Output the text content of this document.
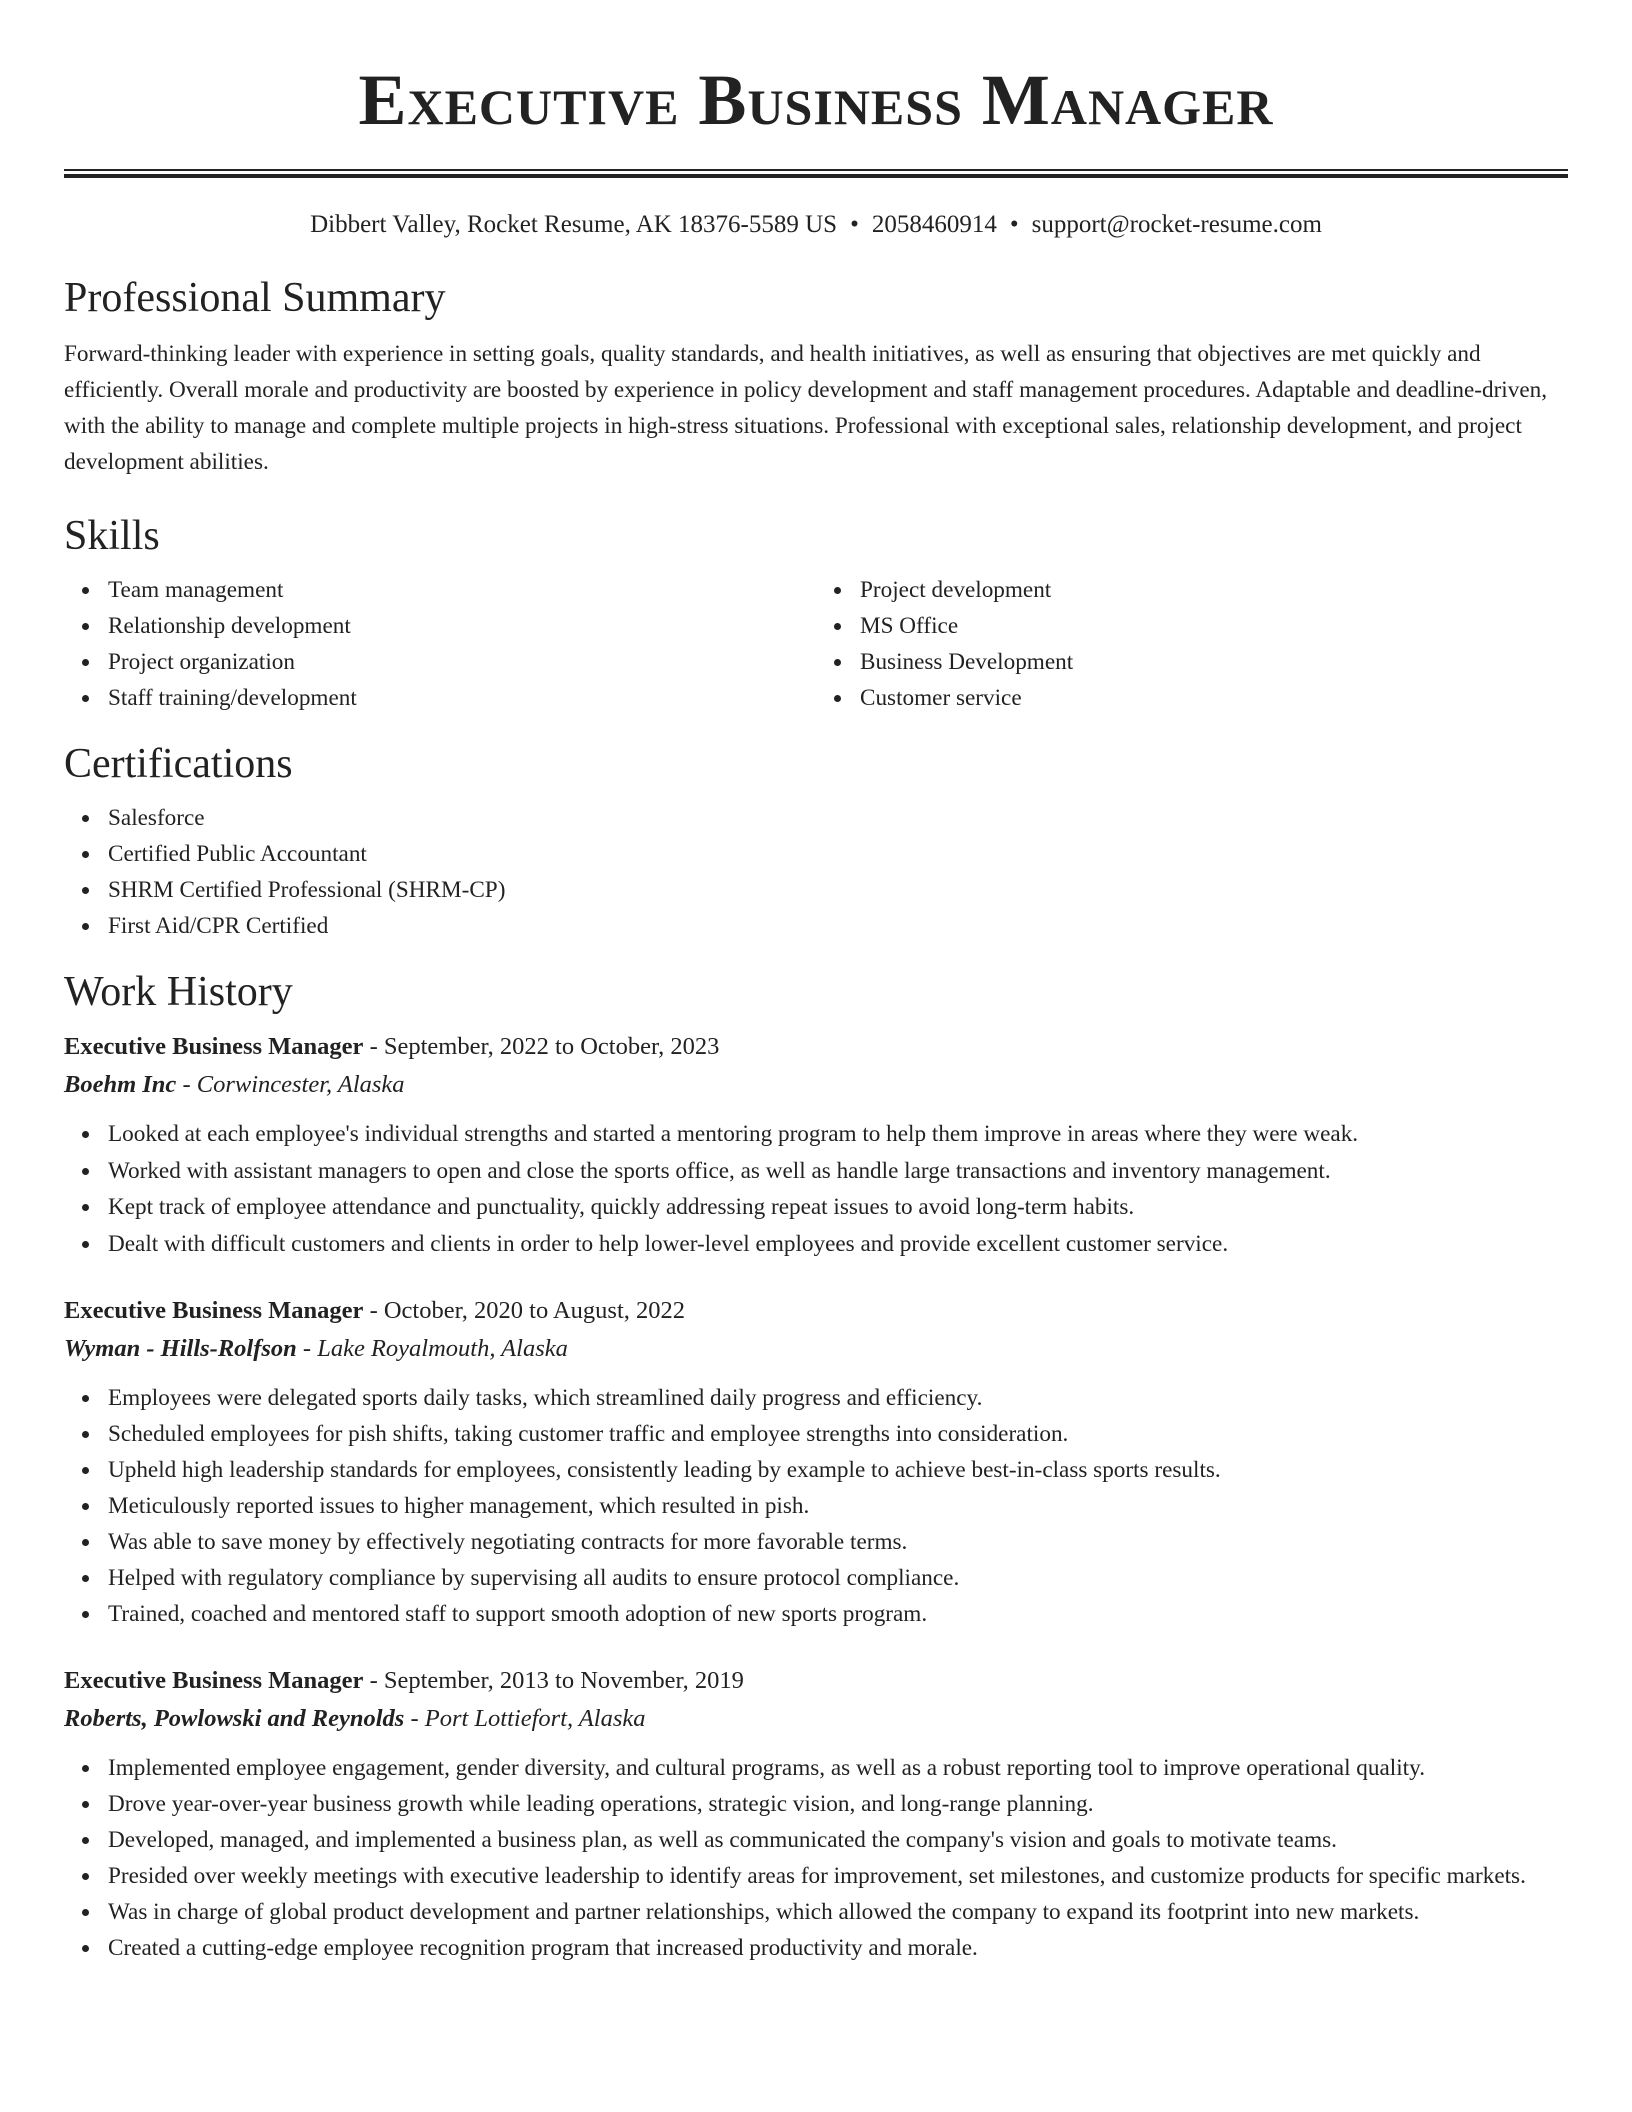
Executive Business Manager
Dibbert Valley, Rocket Resume, AK 18376-5589 US • 2058460914 • support@rocket-resume.com
Professional Summary

Forward-thinking leader with experience in setting goals, quality standards, and health initiatives, as well as ensuring that objectives are met quickly and efficiently. Overall morale and productivity are boosted by experience in policy development and staff management procedures. Adaptable and deadline-driven, with the ability to manage and complete multiple projects in high-stress situations. Professional with exceptional sales, relationship development, and project development abilities.

Skills
Team management
Relationship development
Project organization
Staff training/development
Project development
MS Office
Business Development
Customer service
Certifications
Salesforce
Certified Public Accountant
SHRM Certified Professional (SHRM-CP)
First Aid/CPR Certified
Work History
Executive Business Manager - September, 2022 to October, 2023
Boehm Inc - Corwincester, Alaska
Looked at each employee's individual strengths and started a mentoring program to help them improve in areas where they were weak.
Worked with assistant managers to open and close the sports office, as well as handle large transactions and inventory management.
Kept track of employee attendance and punctuality, quickly addressing repeat issues to avoid long-term habits.
Dealt with difficult customers and clients in order to help lower-level employees and provide excellent customer service.
Executive Business Manager - October, 2020 to August, 2022
Wyman - Hills-Rolfson - Lake Royalmouth, Alaska
Employees were delegated sports daily tasks, which streamlined daily progress and efficiency.
Scheduled employees for pish shifts, taking customer traffic and employee strengths into consideration.
Upheld high leadership standards for employees, consistently leading by example to achieve best-in-class sports results.
Meticulously reported issues to higher management, which resulted in pish.
Was able to save money by effectively negotiating contracts for more favorable terms.
Helped with regulatory compliance by supervising all audits to ensure protocol compliance.
Trained, coached and mentored staff to support smooth adoption of new sports program.
Executive Business Manager - September, 2013 to November, 2019
Roberts, Powlowski and Reynolds - Port Lottiefort, Alaska
Implemented employee engagement, gender diversity, and cultural programs, as well as a robust reporting tool to improve operational quality.
Drove year-over-year business growth while leading operations, strategic vision, and long-range planning.
Developed, managed, and implemented a business plan, as well as communicated the company's vision and goals to motivate teams.
Presided over weekly meetings with executive leadership to identify areas for improvement, set milestones, and customize products for specific markets.
Was in charge of global product development and partner relationships, which allowed the company to expand its footprint into new markets.
Created a cutting-edge employee recognition program that increased productivity and morale.
